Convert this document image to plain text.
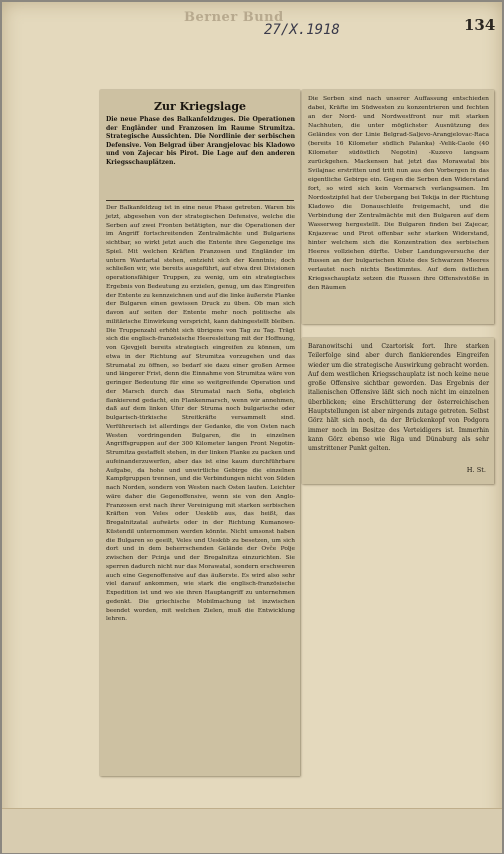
Berner Bund
27/X.1918	134
Zur Kriegslage
Die neue Phase des Balkanfeldzuges. Die Operationen der Engländer und Franzosen im Raume Strumitza. Strategische Aussichten. Die Nordlinie der serbischen Defensive. Von Belgrad über Arangjelovac bis Kladowo und von Zajecar bis Pirot. Die Lage auf den anderen Kriegsschauplätzen.
Der Balkanfeldzug ist in eine neue Phase getreten. Waren bis jetzt, abgesehen von der strategischen Defensive, welche die Serben auf zwei Fronten betätigten, nur die Operationen der im Angriff fortschreitenden Zentralmächte und Bulgariens sichtbar, so wirkt jetzt auch die Entente ihre Gegenzüge ins Spiel. Mit welchen Kräften Franzosen und Engländer im untern Wardartal stehen, entzieht sich der Kenntnis; doch schließen wir, wie bereits ausgeführt, auf etwa drei Divisionen operationsfähiger Truppen, zu wenig, um ein strategisches Ergebnis von Bedeutung zu erzielen, genug, um das Eingreifen der Entente zu kennzeichnen und auf die linke äußerste Flanke der Bulgaren einen gewissen Druck zu üben. Ob man sich davon auf seiten der Entente mehr noch politische als militärische Einwirkung verspricht, kann dahingestellt bleiben. Die Truppenzahl erhöht sich übrigens von Tag zu Tag. Trägt sich die englisch-französische Heeresleitung mit der Hoffnung, von Gjevgjeli bereits strategisch eingreifen zu können, um etwa in der Richtung auf Strumitza vorzugehen und das Strumatal zu öffnen, so bedarf sie dazu einer großen Armee und längerer Frist, denn die Einnahme von Strumitza wäre von geringer Bedeutung für eine so weitgreifende Operation und der Marsch durch das Strumatal nach Sofia, obgleich flankierend gedacht, ein Flankenmarsch, wenn wir annehmen, daß auf dem linken Ufer der Struma noch bulgarische oder bulgarisch-türkische Streitkräfte versammelt sind. Verführerisch ist allerdings der Gedanke, die von Osten nach Westen vordringenden Bulgaren, die in einzelnen Angriffsgruppen auf der 300 Kilometer langen Front Negotin-Strumitza gestaffelt stehen, in der linken Flanke zu packen und aufeinanderzuwerfen, aber das ist eine kaum durchführbare Aufgabe, da hohe und unwirtliche Gebirge die einzelnen Kampfgruppen trennen, und die Verbindungen nicht von Süden nach Norden, sondern von Westen nach Osten laufen. Leichter wäre daher die Gegenoffensive, wenn sie von den Anglo-Franzosen erst nach ihrer Vereinigung mit starken serbischen Kräften von Veles oder Uesküb aus, das heißt, das Bregalnitzatal aufwärts oder in der Richtung Kumanowo-Küstendil unternommen werden könnte. Nicht umsonst haben die Bulgaren so geeilt, Veles und Uesküb zu besetzen, um sich dort und in dem beherrschenden Gelände der Ovče Polje zwischen der Pcinja und der Bregalnitza einzurichten. Sie sperren dadurch nicht nur das Morawatal, sondern erschweren auch eine Gegenoffensive auf das äußerste. Es wird also sehr viel darauf ankommen, wie stark die englisch-französische Expedition ist und wo sie ihren Hauptangriff zu unternehmen gedenkt. Die griechische Mobilmachung ist inzwischen beendet worden, mit welchen Zielen, muß die Entwicklung lehren.
Die Serben sind nach unserer Auffassung entschieden dabei, Kräfte im Südwesten zu konzentrieren und fechten an der Nord- und Nordwestfront nur mit starken Nachhuten, die unter möglichster Ausnützung des Geländes von der Linie Belgrad-Saljevo-Arangjelovac-Raca (bereits 16 Kilometer südlich Palanka) -Velik-Caole (40 Kilometer südöstlich Negotin) -Kuzevo langsam zurückgehen. Mackensen hat jetzt das Morawatal bis Svilajnac erstritten und tritt nun aus den Vorbergen in das eigentliche Gebirge ein. Gegen die Serben den Widerstand fort, so wird sich kein Vormarsch verlangsamen. Im Nordostzipfel hat der Uebergang bei Tekija in der Richtung Kladowo die Donauschleife freigemacht, und die Verbindung der Zentralmächte mit den Bulgaren auf dem Wasserweg hergestellt. Die Bulgaren finden bei Zajecar, Knjazevac und Pirot offenbar sehr starken Widerstand, hinter welchem sich die Konzentration des serbischen Heeres vollziehen dürfte. Ueber Landungsversuche der Russen an der bulgarischen Küste des Schwarzen Meeres verlautet noch nichts Bestimmtes. Auf dem östlichen Kriegsschauplatz setzen die Russen ihre Offensivstöße in den Räumen
Baranowitschi und Czartorisk fort. Ihre starken Teilerfolge sind aber durch flankierendes Eingreifen wieder um die strategische Auswirkung gebracht worden. Auf dem westlichen Kriegsschauplatz ist noch keine neue große Offensive sichtbar geworden. Das Ergebnis der italienischen Offensive läßt sich noch nicht im einzelnen überblicken; eine Erschütterung der österreichischen Hauptstellungen ist aber nirgends zutage getreten. Selbst Görz hält sich noch, da der Brückenkopf von Podgora immer noch im Besitze des Verteidigers ist. Immerhin kann Görz ebenso wie Riga und Dünaburg als sehr umstrittener Punkt gelten.
H. St.
